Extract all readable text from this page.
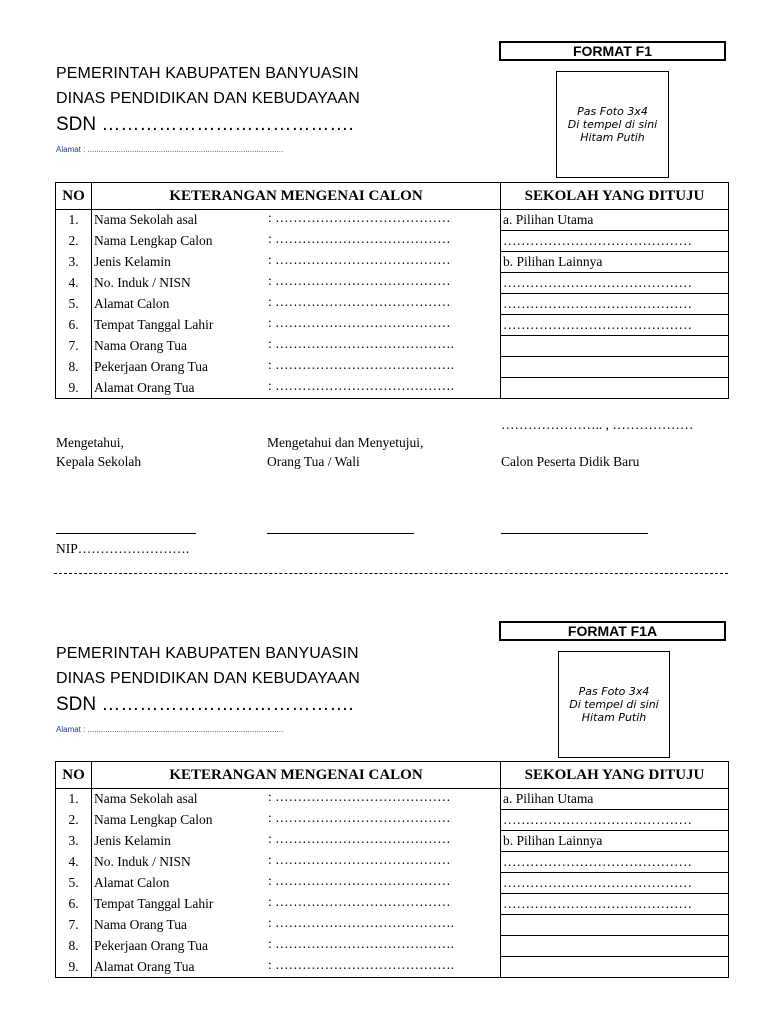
FORMAT F1
PEMERINTAH KABUPATEN BANYUASIN
DINAS PENDIDIKAN DAN KEBUDAYAAN
SDN ………………………………….
Alamat : ........................................................................................
Pas Foto 3x4
Di tempel di sini
Hitam Putih
NO	KETERANGAN MENGENAI CALON	SEKOLAH YANG DITUJU
1.	Nama Sekolah asal : …………………………………	a. Pilihan Utama
2.	Nama Lengkap Calon : …………………………………	……………………………………
3.	Jenis Kelamin : …………………………………	b. Pilihan Lainnya
4.	No. Induk / NISN : …………………………………	……………………………………
5.	Alamat Calon : …………………………………	……………………………………
6.	Tempat Tanggal Lahir : …………………………………	……………………………………
7.	Nama Orang Tua : ………………………………….	

8.	Pekerjaan Orang Tua : ………………………………….	

9.	Alamat Orang Tua : ………………………………….	

………………….. , ………………
Mengetahui,
Kepala Sekolah
Mengetahui dan Menyetujui,
Orang Tua / Wali	Calon Peserta Didik Baru
NIP…………………….
FORMAT F1A
PEMERINTAH KABUPATEN BANYUASIN
DINAS PENDIDIKAN DAN KEBUDAYAAN
SDN ………………………………….
Alamat : ........................................................................................
Pas Foto 3x4
Di tempel di sini
Hitam Putih
NO	KETERANGAN MENGENAI CALON	SEKOLAH YANG DITUJU
1.	Nama Sekolah asal : …………………………………	a. Pilihan Utama
2.	Nama Lengkap Calon : …………………………………	……………………………………
3.	Jenis Kelamin : …………………………………	b. Pilihan Lainnya
4.	No. Induk / NISN : …………………………………	……………………………………
5.	Alamat Calon : …………………………………	……………………………………
6.	Tempat Tanggal Lahir : …………………………………	……………………………………
7.	Nama Orang Tua : ………………………………….	

8.	Pekerjaan Orang Tua : ………………………………….	

9.	Alamat Orang Tua : ………………………………….	
